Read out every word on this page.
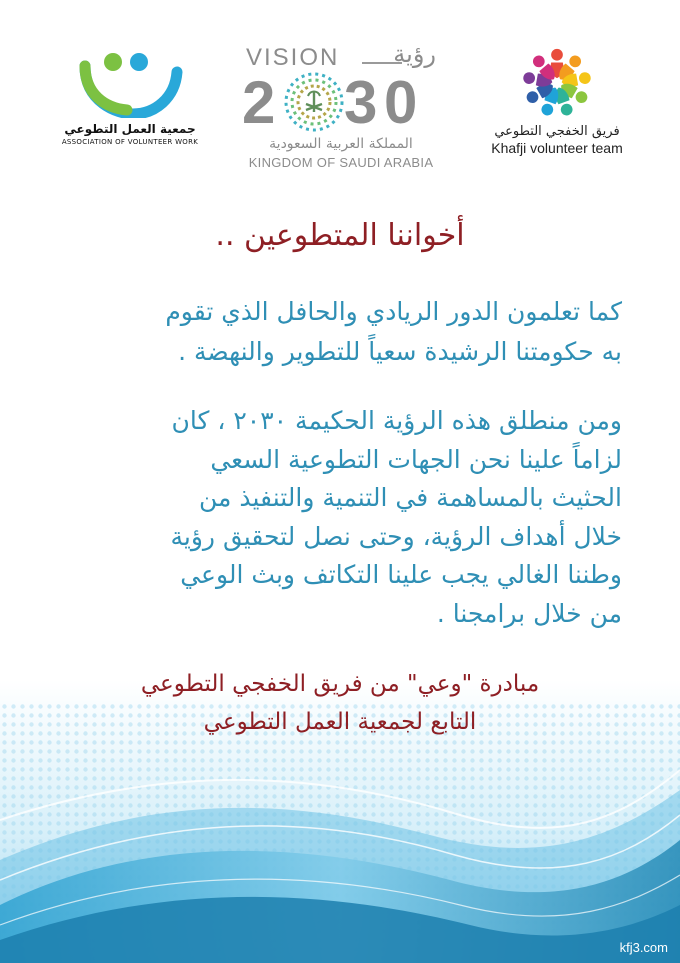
جمعية العمل التطوعي
ASSOCIATION OF VOLUNTEER WORK
VISION رؤية
2 3 0
المملكة العربية السعودية
KINGDOM OF SAUDI ARABIA
فريق الخفجي التطوعي
Khafji volunteer team
أخواننا المتطوعين ..
كما تعلمون الدور الريادي والحافل الذي تقوم
به حكومتنا الرشيدة سعياً للتطوير والنهضة .
ومن منطلق هذه الرؤية الحكيمة ٢٠٣٠ ، كان
لزاماً علينا نحن الجهات التطوعية السعي
الحثيث بالمساهمة في التنمية والتنفيذ من
خلال أهداف الرؤية، وحتى نصل لتحقيق رؤية
وطننا الغالي يجب علينا التكاتف وبث الوعي
من خلال برامجنا .
مبادرة "وعي" من فريق الخفجي التطوعي
التابع لجمعية العمل التطوعي
kfj3.com
